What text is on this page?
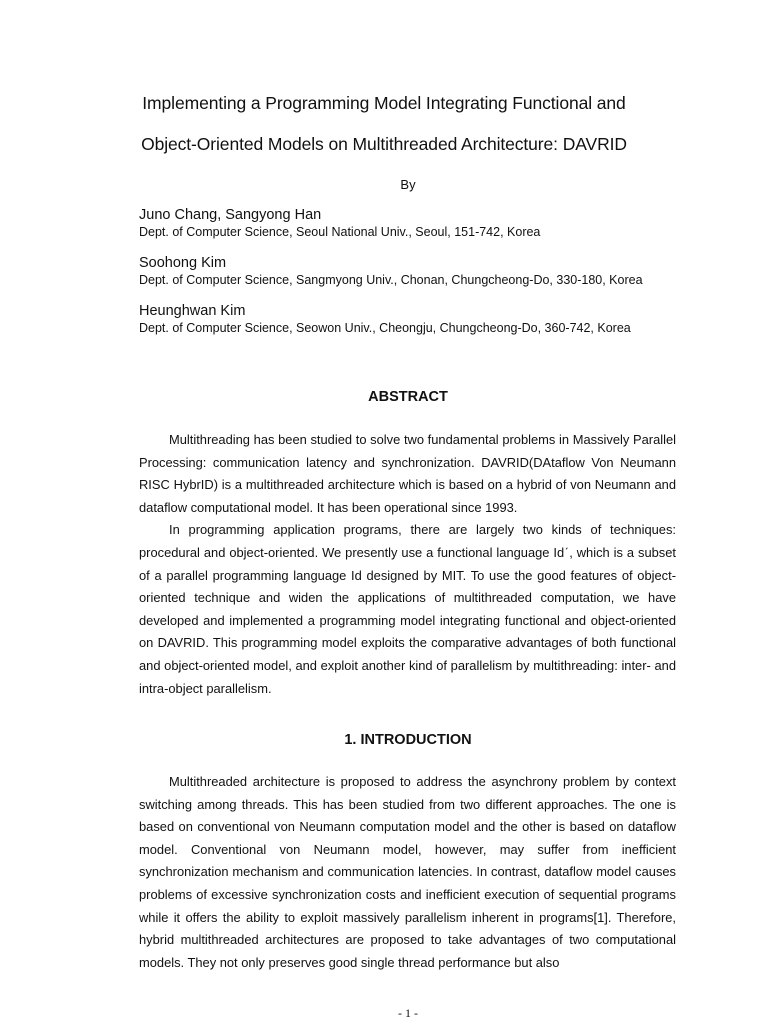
Implementing a Programming Model Integrating Functional and
Object-Oriented Models on Multithreaded Architecture: DAVRID
By
Juno Chang, Sangyong Han
Dept. of Computer Science, Seoul National Univ., Seoul, 151-742, Korea
Soohong Kim
Dept. of Computer Science, Sangmyong Univ., Chonan, Chungcheong-Do, 330-180, Korea
Heunghwan Kim
Dept. of Computer Science, Seowon Univ., Cheongju, Chungcheong-Do, 360-742, Korea
ABSTRACT

Multithreading has been studied to solve two fundamental problems in Massively Parallel Processing: communication latency and synchronization. DAVRID(DAtaflow Von Neumann RISC HybrID) is a multithreaded architecture which is based on a hybrid of von Neumann and dataflow computational model. It has been operational since 1993.

In programming application programs, there are largely two kinds of techniques: procedural and object-oriented. We presently use a functional language Idˊ, which is a subset of a parallel programming language Id designed by MIT. To use the good features of object-oriented technique and widen the applications of multithreaded computation, we have developed and implemented a programming model integrating functional and object-oriented on DAVRID. This programming model exploits the comparative advantages of both functional and object-oriented model, and exploit another kind of parallelism by multithreading: inter- and intra-object parallelism.

1. INTRODUCTION

Multithreaded architecture is proposed to address the asynchrony problem by context switching among threads. This has been studied from two different approaches. The one is based on conventional von Neumann computation model and the other is based on dataflow model. Conventional von Neumann model, however, may suffer from inefficient synchronization mechanism and communication latencies. In contrast, dataflow model causes problems of excessive synchronization costs and inefficient execution of sequential programs while it offers the ability to exploit massively parallelism inherent in programs[1]. Therefore, hybrid multithreaded architectures are proposed to take advantages of two computational models. They not only preserves good single thread performance but also

- 1 -
